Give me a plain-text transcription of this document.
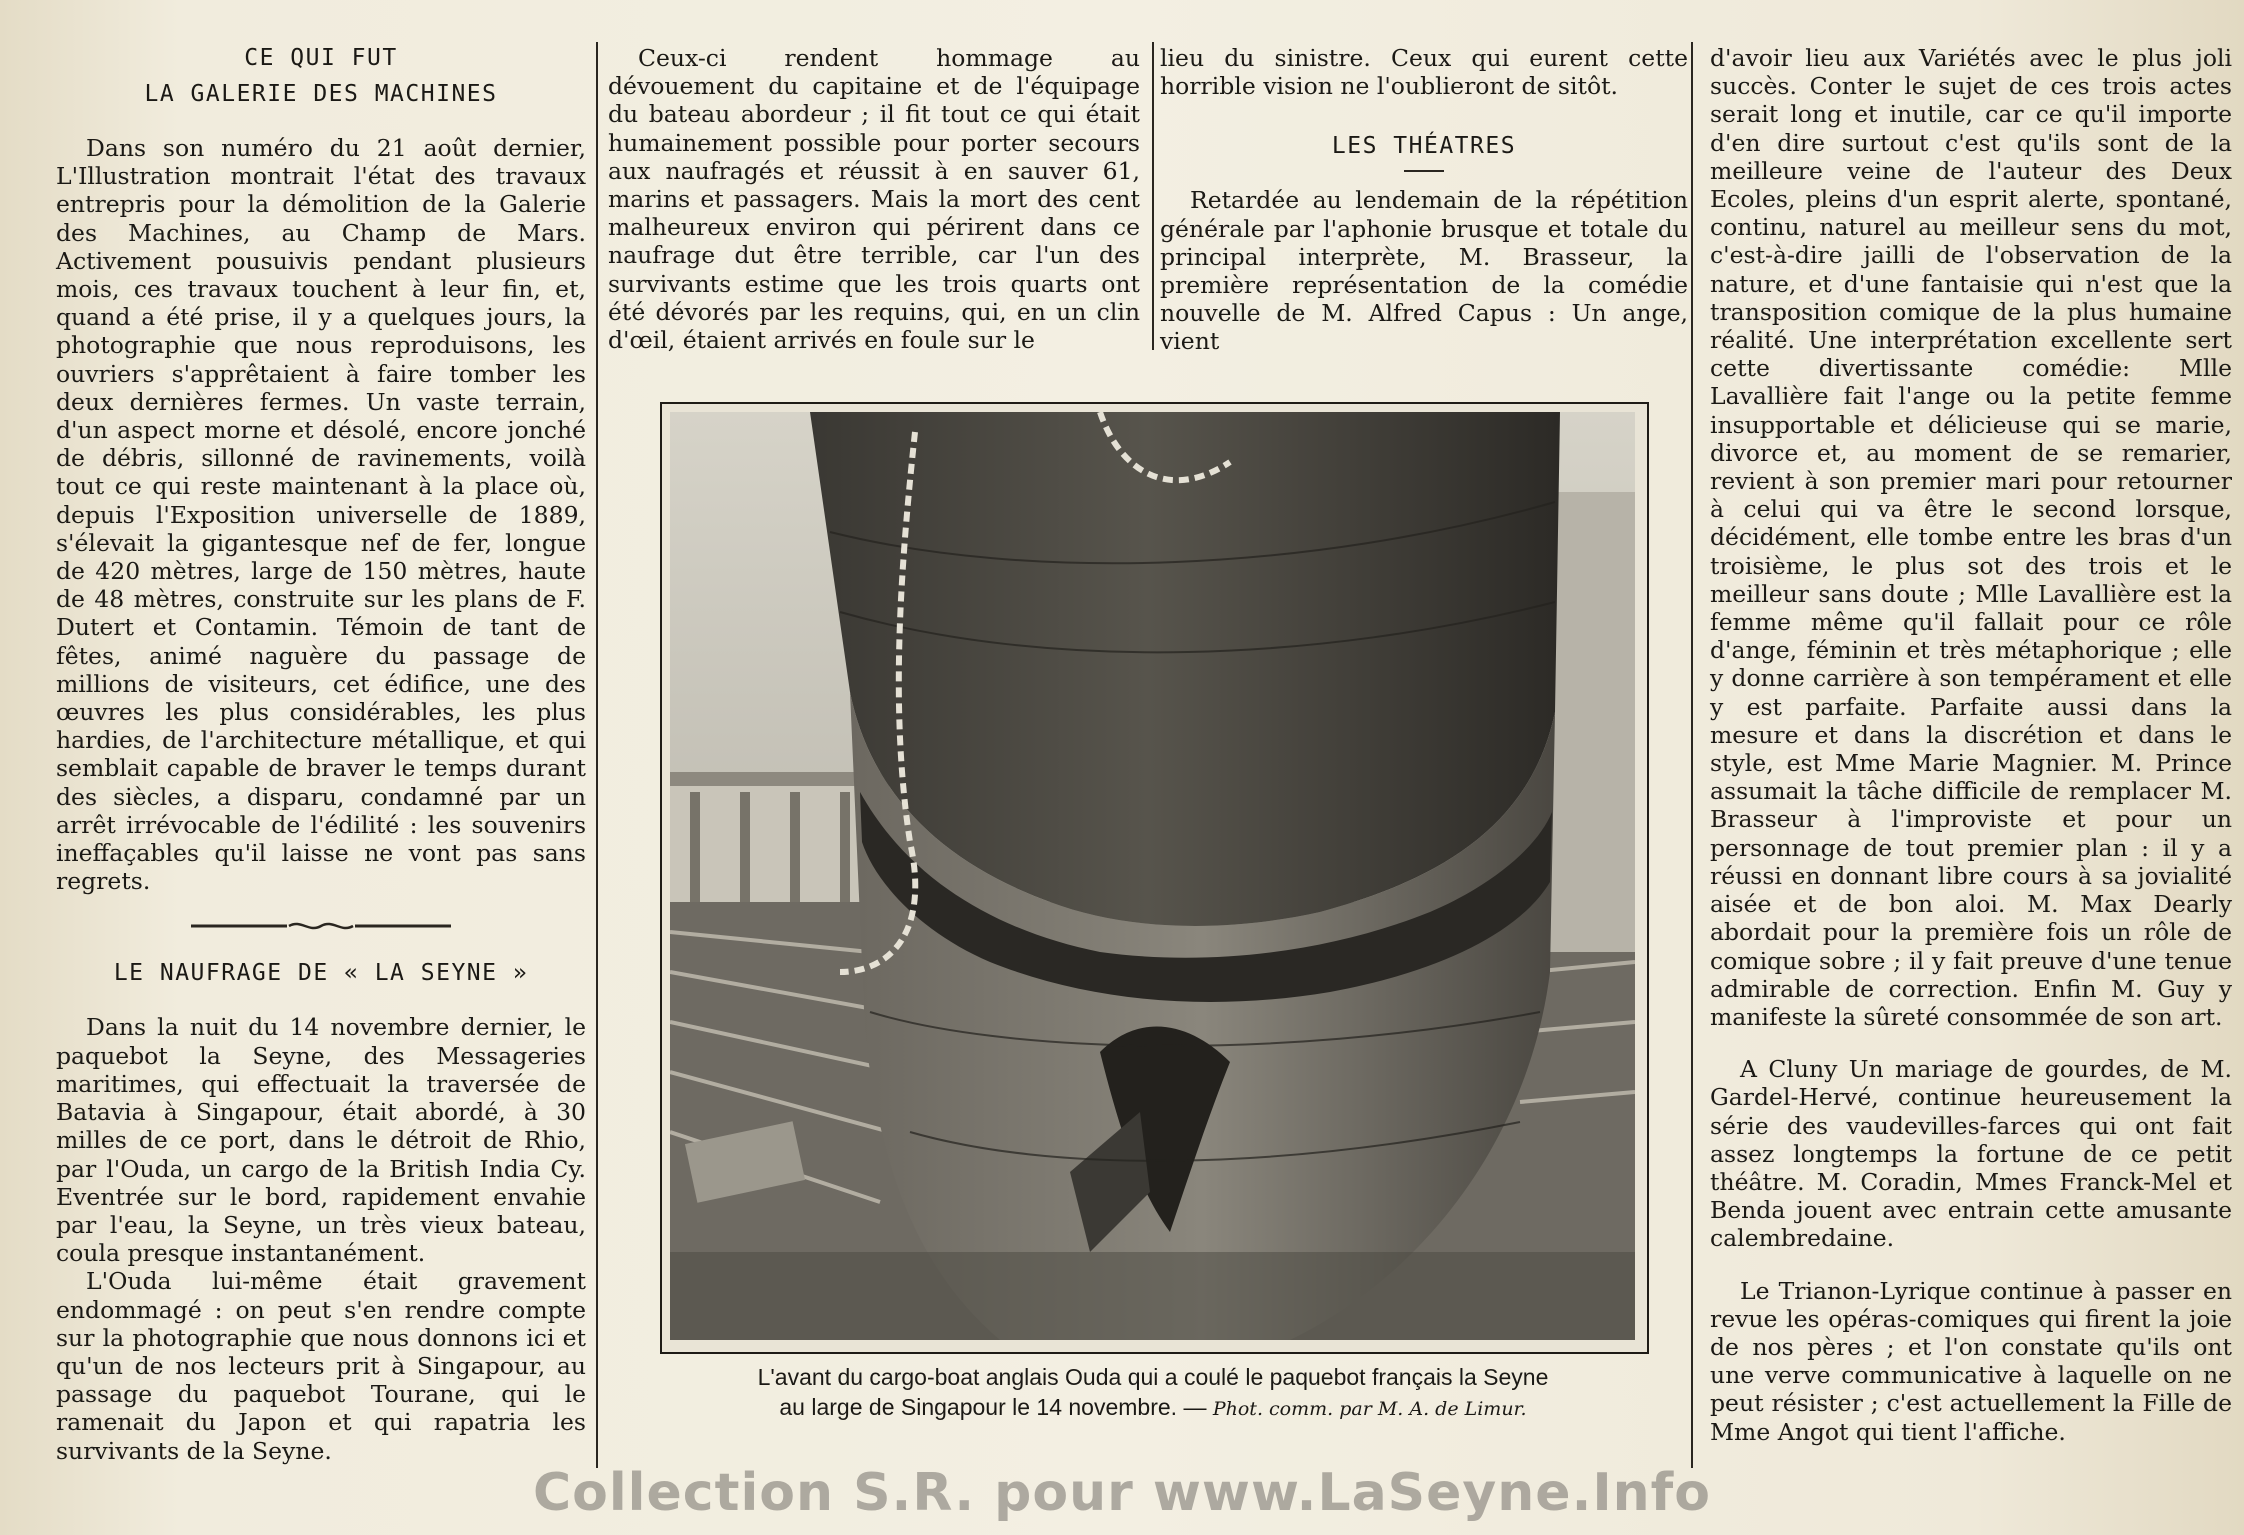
CE QUI FUT
LA GALERIE DES MACHINES

Dans son numéro du 21 août dernier, L'Illustration montrait l'état des travaux entrepris pour la démolition de la Galerie des Machines, au Champ de Mars. Activement pousuivis pendant plusieurs mois, ces travaux touchent à leur fin, et, quand a été prise, il y a quelques jours, la photographie que nous reproduisons, les ouvriers s'apprêtaient à faire tomber les deux dernières fermes. Un vaste terrain, d'un aspect morne et désolé, encore jonché de débris, sillonné de ravinements, voilà tout ce qui reste maintenant à la place où, depuis l'Exposition universelle de 1889, s'élevait la gigantesque nef de fer, longue de 420 mètres, large de 150 mètres, haute de 48 mètres, construite sur les plans de F. Dutert et Contamin. Témoin de tant de fêtes, animé naguère du passage de millions de visiteurs, cet édifice, une des œuvres les plus considérables, les plus hardies, de l'architecture métallique, et qui semblait capable de braver le temps durant des siècles, a disparu, condamné par un arrêt irrévocable de l'édilité : les souvenirs ineffaçables qu'il laisse ne vont pas sans regrets.

LE NAUFRAGE DE « LA SEYNE »

Dans la nuit du 14 novembre dernier, le paquebot la Seyne, des Messageries maritimes, qui effectuait la traversée de Batavia à Singapour, était abordé, à 30 milles de ce port, dans le détroit de Rhio, par l'Ouda, un cargo de la British India Cy. Eventrée sur le bord, rapidement envahie par l'eau, la Seyne, un très vieux bateau, coula presque instantanément.

L'Ouda lui-même était gravement endommagé : on peut s'en rendre compte sur la photographie que nous donnons ici et qu'un de nos lecteurs prit à Singapour, au passage du paquebot Tourane, qui le ramenait du Japon et qui rapatria les survivants de la Seyne.

Ceux-ci rendent hommage au dévouement du capitaine et de l'équipage du bateau abordeur ; il fit tout ce qui était humainement possible pour porter secours aux naufragés et réussit à en sauver 61, marins et passagers. Mais la mort des cent malheureux environ qui périrent dans ce naufrage dut être terrible, car l'un des survivants estime que les trois quarts ont été dévorés par les requins, qui, en un clin d'œil, étaient arrivés en foule sur le

lieu du sinistre. Ceux qui eurent cette horrible vision ne l'oublieront de sitôt.

LES THÉATRES

Retardée au lendemain de la répétition générale par l'aphonie brusque et totale du principal interprète, M. Brasseur, la première représentation de la comédie nouvelle de M. Alfred Capus : Un ange, vient

d'avoir lieu aux Variétés avec le plus joli succès. Conter le sujet de ces trois actes serait long et inutile, car ce qu'il importe d'en dire surtout c'est qu'ils sont de la meilleure veine de l'auteur des Deux Ecoles, pleins d'un esprit alerte, spontané, continu, naturel au meilleur sens du mot, c'est-à-dire jailli de l'observation de la nature, et d'une fantaisie qui n'est que la transposition comique de la plus humaine réalité. Une interprétation excellente sert cette divertissante comédie: Mlle Lavallière fait l'ange ou la petite femme insupportable et délicieuse qui se marie, divorce et, au moment de se remarier, revient à son premier mari pour retourner à celui qui va être le second lorsque, décidément, elle tombe entre les bras d'un troisième, le plus sot des trois et le meilleur sans doute ; Mlle Lavallière est la femme même qu'il fallait pour ce rôle d'ange, féminin et très métaphorique ; elle y donne carrière à son tempérament et elle y est parfaite. Parfaite aussi dans la mesure et dans la discrétion et dans le style, est Mme Marie Magnier. M. Prince assumait la tâche difficile de remplacer M. Brasseur à l'improviste et pour un personnage de tout premier plan : il y a réussi en donnant libre cours à sa jovialité aisée et de bon aloi. M. Max Dearly abordait pour la première fois un rôle de comique sobre ; il y fait preuve d'une tenue admirable de correction. Enfin M. Guy y manifeste la sûreté consommée de son art.

A Cluny Un mariage de gourdes, de M. Gardel-Hervé, continue heureusement la série des vaudevilles-farces qui ont fait assez longtemps la fortune de ce petit théâtre. M. Coradin, Mmes Franck-Mel et Benda jouent avec entrain cette amusante calembredaine.

Le Trianon-Lyrique continue à passer en revue les opéras-comiques qui firent la joie de nos pères ; et l'on constate qu'ils ont une verve communicative à laquelle on ne peut résister ; c'est actuellement la Fille de Mme Angot qui tient l'affiche.

L'avant du cargo-boat anglais Ouda qui a coulé le paquebot français la Seyne
au large de Singapour le 14 novembre. — Phot. comm. par M. A. de Limur.
Collection S.R. pour www.LaSeyne.Info
